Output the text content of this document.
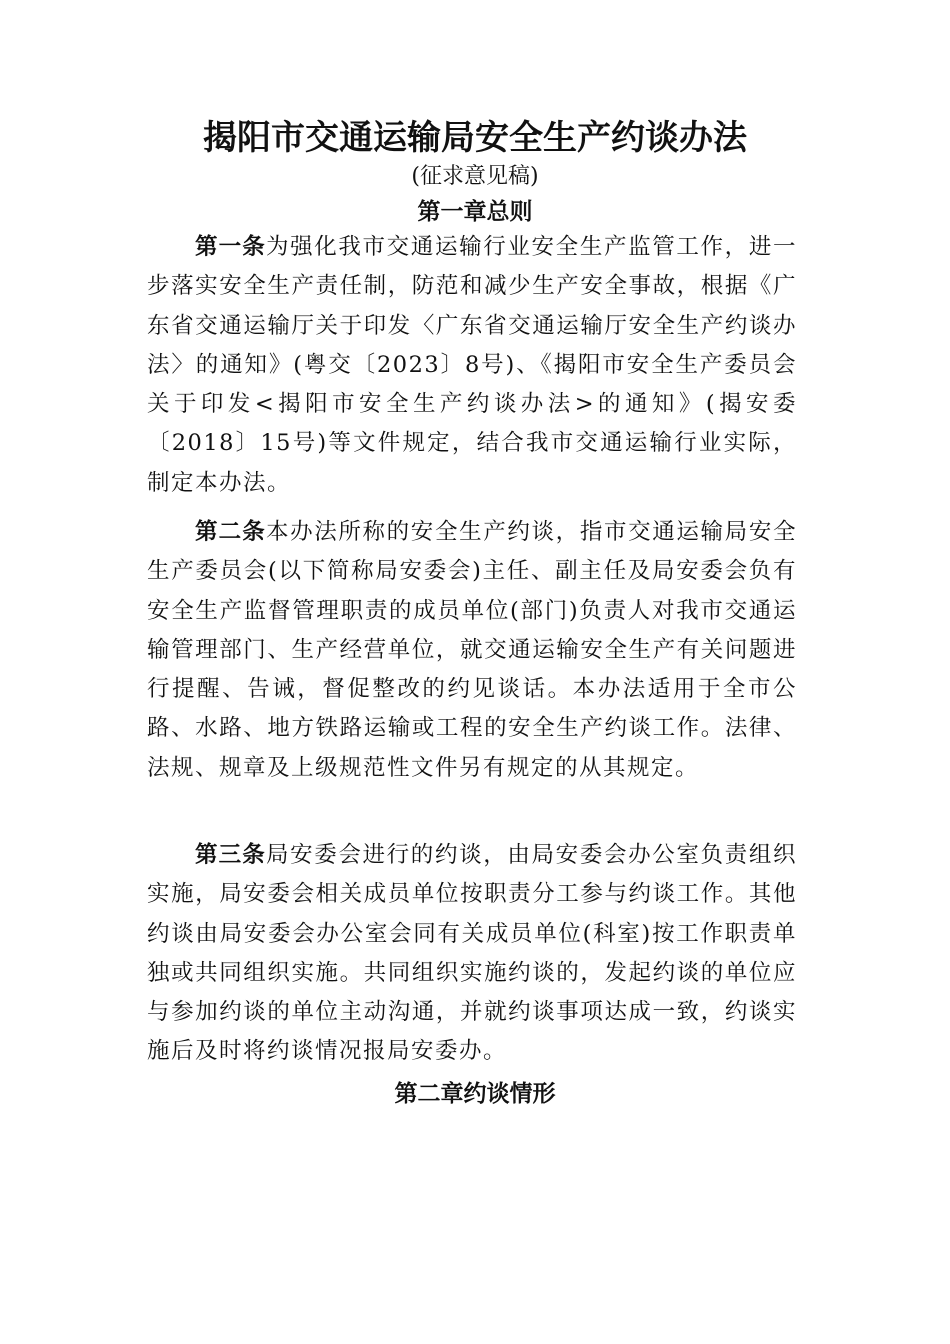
揭阳市交通运输局安全生产约谈办法
(征求意见稿)
第一章总则

第一条为强化我市交通运输行业安全生产监管工作，进一步落实安全生产责任制，防范和减少生产安全事故，根据《广东省交通运输厅关于印发〈广东省交通运输厅安全生产约谈办法〉的通知》(粤交〔2023〕8号)、《揭阳市安全生产委员会关于印发<揭阳市安全生产约谈办法>的通知》(揭安委〔2018〕15号)等文件规定，结合我市交通运输行业实际，制定本办法。

第二条本办法所称的安全生产约谈，指市交通运输局安全生产委员会(以下简称局安委会)主任、副主任及局安委会负有安全生产监督管理职责的成员单位(部门)负责人对我市交通运输管理部门、生产经营单位，就交通运输安全生产有关问题进行提醒、告诫，督促整改的约见谈话。本办法适用于全市公路、水路、地方铁路运输或工程的安全生产约谈工作。法律、法规、规章及上级规范性文件另有规定的从其规定。

第三条局安委会进行的约谈，由局安委会办公室负责组织实施，局安委会相关成员单位按职责分工参与约谈工作。其他约谈由局安委会办公室会同有关成员单位(科室)按工作职责单独或共同组织实施。共同组织实施约谈的，发起约谈的单位应与参加约谈的单位主动沟通，并就约谈事项达成一致，约谈实施后及时将约谈情况报局安委办。

第二章约谈情形
